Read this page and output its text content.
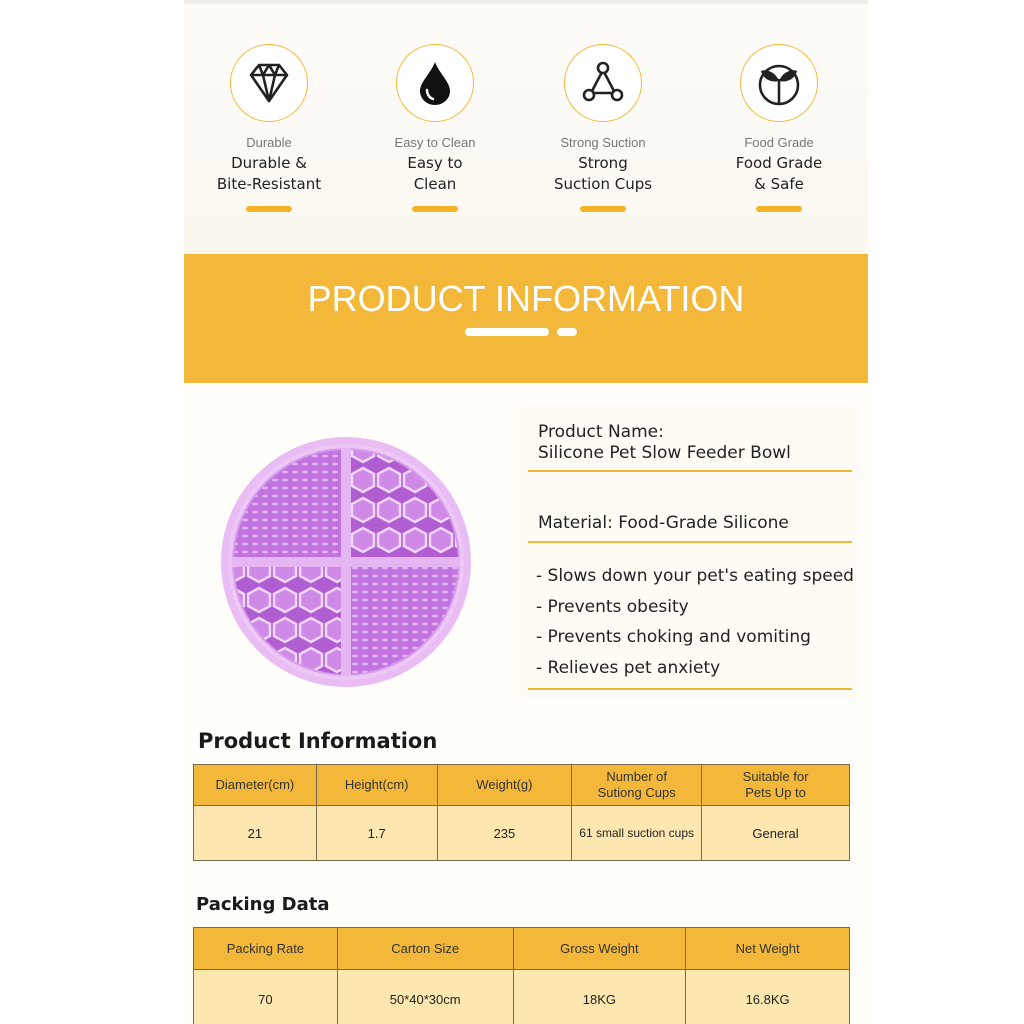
Durable
Durable &
Bite-Resistant
Easy to Clean
Easy to
Clean
Strong Suction
Strong
Suction Cups
Food Grade
Food Grade
& Safe
PRODUCT INFORMATION
Product Name:
Silicone Pet Slow Feeder Bowl
Material: Food-Grade Silicone
- Slows down your pet's eating speed
- Prevents obesity
- Prevents choking and vomiting
- Relieves pet anxiety
Product Information
Diameter(cm)	Height(cm)	Weight(g)	Number of Sutiong Cups	Suitable for Pets Up to
21	1.7	235	61 small suction cups	General
Packing Data
Packing Rate	Carton Size	Gross Weight	Net Weight
70	50*40*30cm	18KG	16.8KG
